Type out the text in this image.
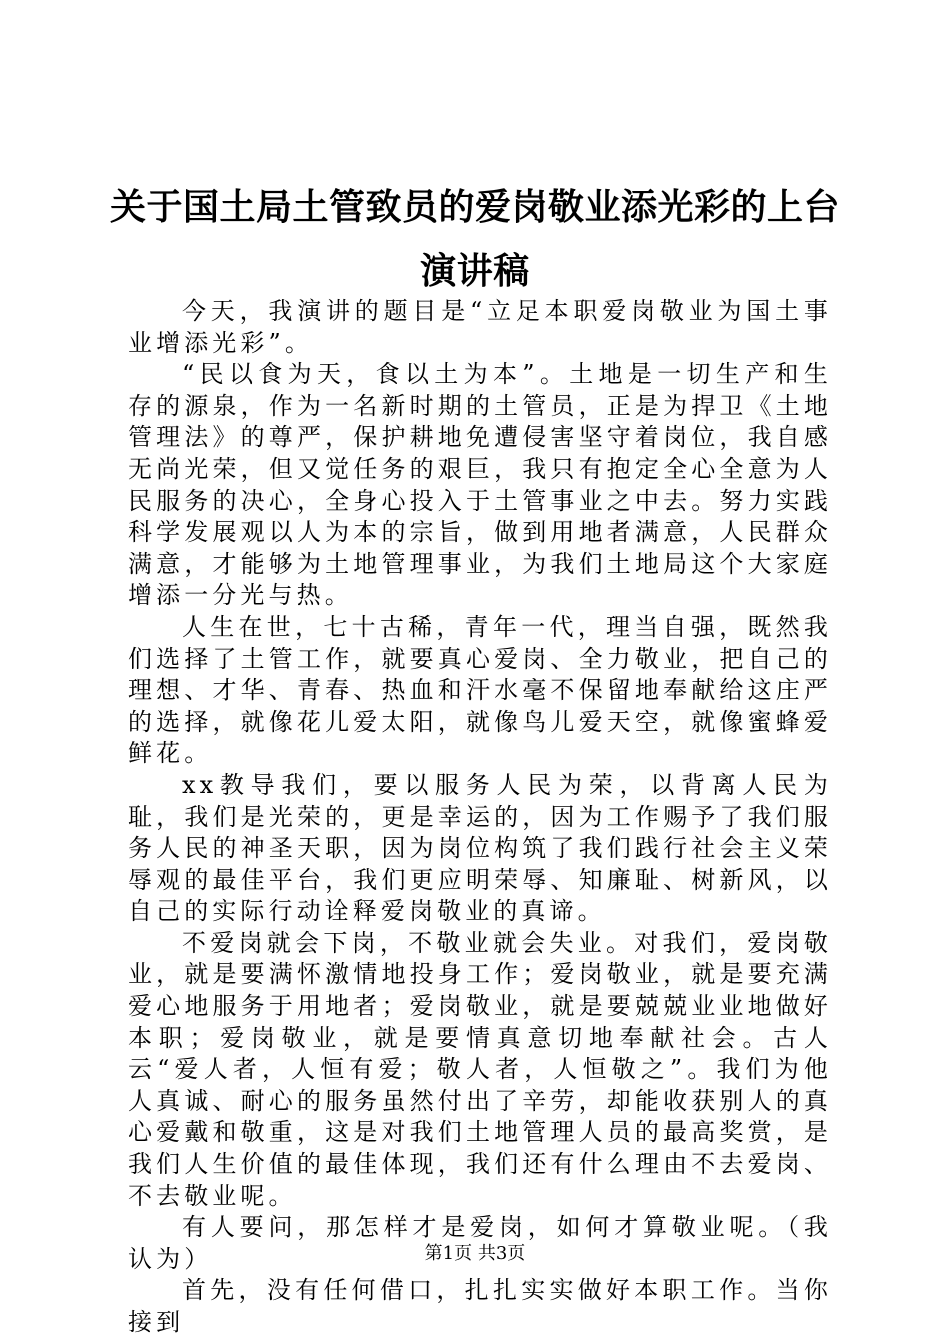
关于国土局土管致员的爱岗敬业添光彩的上台
演讲稿

今天，我演讲的题目是“立足本职爱岗敬业为国土事业增添光彩”。

“民以食为天，食以土为本”。土地是一切生产和生存的源泉，作为一名新时期的土管员，正是为捍卫《土地管理法》的尊严，保护耕地免遭侵害坚守着岗位，我自感无尚光荣，但又觉任务的艰巨，我只有抱定全心全意为人民服务的决心，全身心投入于土管事业之中去。努力实践科学发展观以人为本的宗旨，做到用地者满意，人民群众满意，才能够为土地管理事业，为我们土地局这个大家庭增添一分光与热。

人生在世，七十古稀，青年一代，理当自强，既然我们选择了土管工作，就要真心爱岗、全力敬业，把自己的理想、才华、青春、热血和汗水毫不保留地奉献给这庄严的选择，就像花儿爱太阳，就像鸟儿爱天空，就像蜜蜂爱鲜花。

xx教导我们，要以服务人民为荣，以背离人民为耻，我们是光荣的，更是幸运的，因为工作赐予了我们服务人民的神圣天职，因为岗位构筑了我们践行社会主义荣辱观的最佳平台，我们更应明荣辱、知廉耻、树新风，以自己的实际行动诠释爱岗敬业的真谛。

不爱岗就会下岗，不敬业就会失业。对我们，爱岗敬业，就是要满怀激情地投身工作；爱岗敬业，就是要充满爱心地服务于用地者；爱岗敬业，就是要兢兢业业地做好本职；爱岗敬业，就是要情真意切地奉献社会。古人云“爱人者，人恒有爱；敬人者，人恒敬之”。我们为他人真诚、耐心的服务虽然付出了辛劳，却能收获别人的真心爱戴和敬重，这是对我们土地管理人员的最高奖赏，是我们人生价值的最佳体现，我们还有什么理由不去爱岗、不去敬业呢。

有人要问，那怎样才是爱岗，如何才算敬业呢。（我认为）

首先，没有任何借口，扎扎实实做好本职工作。当你接到

第1页 共3页
